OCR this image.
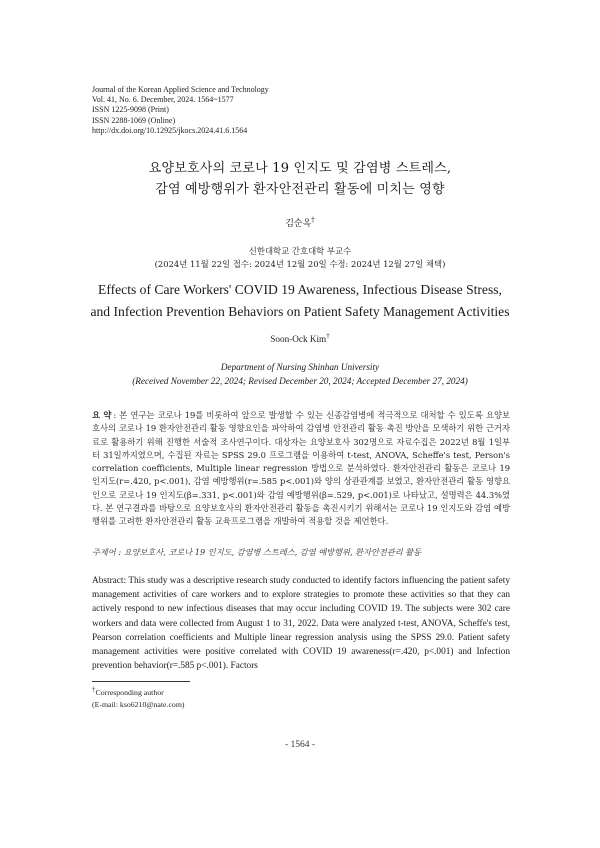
Journal of the Korean Applied Science and Technology
Vol. 41, No. 6. December, 2024. 1564~1577
ISSN 1225-9098 (Print)
ISSN 2288-1069 (Online)
http://dx.doi.org/10.12925/jkocs.2024.41.6.1564
요양보호사의 코로나 19 인지도 및 감염병 스트레스,
감염 예방행위가 환자안전관리 활동에 미치는 영향
김순옥†
신한대학교 간호대학 부교수
(2024년 11월 22일 접수: 2024년 12월 20일 수정: 2024년 12월 27일 채택)
Effects of Care Workers' COVID 19 Awareness, Infectious Disease Stress,
and Infection Prevention Behaviors on Patient Safety Management Activities
Soon-Ock Kim†
Department of Nursing Shinhan University
(Received November 22, 2024; Revised December 20, 2024; Accepted December 27, 2024)
요 약 : 본 연구는 코로나 19를 비롯하여 앞으로 발생할 수 있는 신종감염병에 적극적으로 대처할 수 있도록 요양보호사의 코로나 19 환자안전관리 활동 영향요인을 파악하여 감염병 안전관리 활동 촉진 방안을 모색하기 위한 근거자료로 활용하기 위해 진행한 서술적 조사연구이다. 대상자는 요양보호사 302명으로 자료수집은 2022년 8월 1일부터 31일까지였으며, 수집된 자료는 SPSS 29.0 프로그램을 이용하여 t-test, ANOVA, Scheffe's test, Person's correlation coefficients, Multiple linear regression 방법으로 분석하였다. 환자안전관리 활동은 코로나 19 인지도(r=.420, p<.001), 감염 예방행위(r=.585 p<.001)와 양의 상관관계를 보였고, 환자안전관리 활동 영향요인으로 코로나 19 인지도(β=.331, p<.001)와 감염 예방행위(β=.529, p<.001)로 나타났고, 설명력은 44.3%였다. 본 연구결과를 바탕으로 요양보호사의 환자안전관리 활동을 촉진시키기 위해서는 코로나 19 인지도와 감염 예방행위를 고려한 환자안전관리 활동 교육프로그램을 개발하여 적용할 것을 제언한다.
주제어 : 요양보호사, 코로나 19 인지도, 감염병 스트레스, 감염 예방행위, 환자안전관리 활동
Abstract: This study was a descriptive research study conducted to identify factors influencing the patient safety management activities of care workers and to explore strategies to promote these activities so that they can actively respond to new infectious diseases that may occur including COVID 19. The subjects were 302 care workers and data were collected from August 1 to 31, 2022. Data were analyzed t-test, ANOVA, Scheffe's test, Pearson correlation coefficients and Multiple linear regression analysis using the SPSS 29.0. Patient safety management activities were positive correlated with COVID 19 awareness(r=.420, p<.001) and Infection prevention behavior(r=.585 p<.001). Factors
†Corresponding author
(E-mail: kso6210@nate.com)
- 1564 -
